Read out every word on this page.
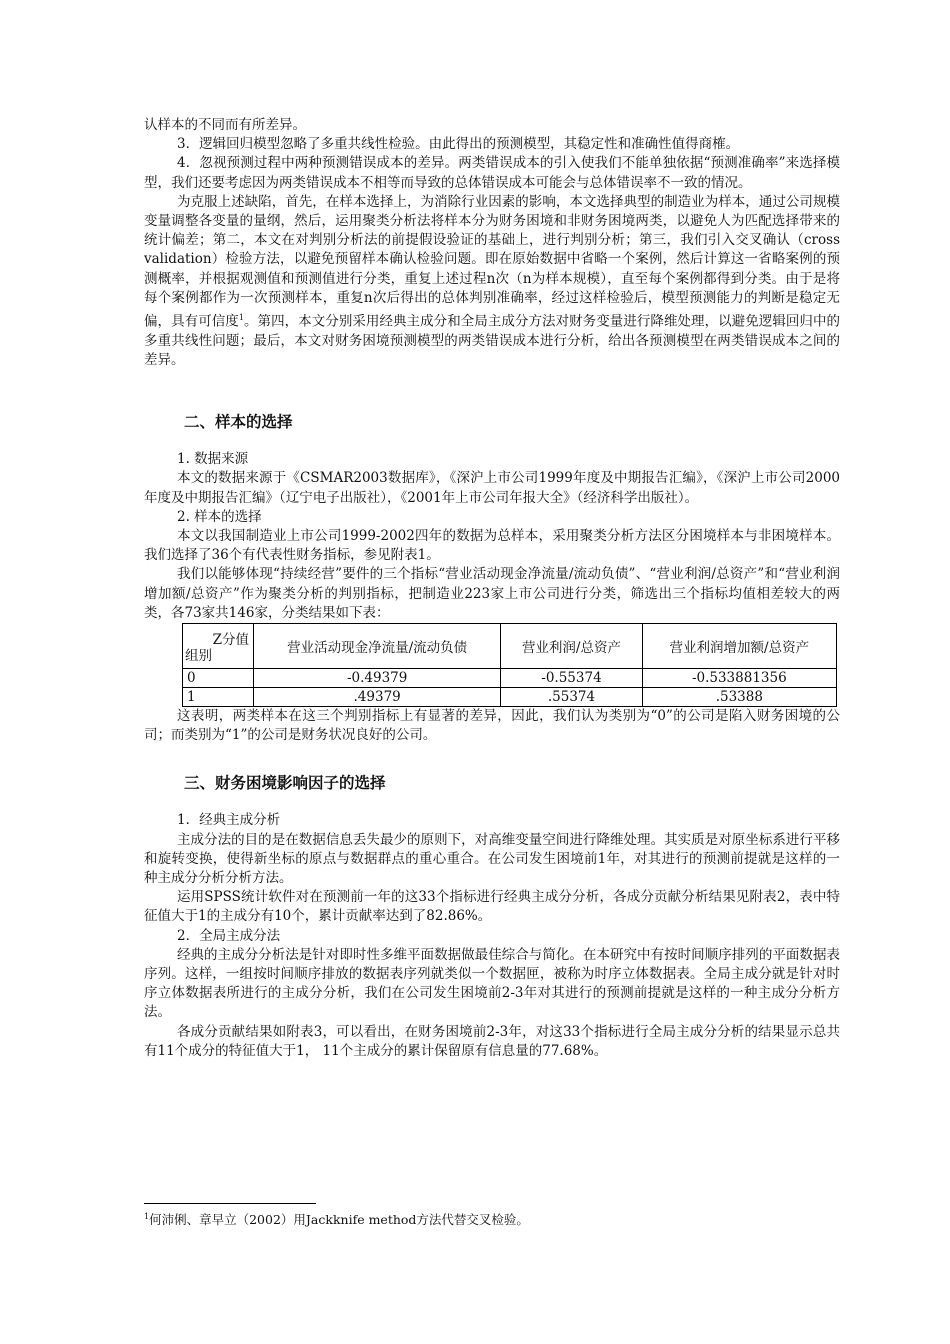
认样本的不同而有所差异。

3．逻辑回归模型忽略了多重共线性检验。由此得出的预测模型，其稳定性和准确性值得商榷。

4．忽视预测过程中两种预测错误成本的差异。两类错误成本的引入使我们不能单独依据“预测准确率”来选择模型，我们还要考虑因为两类错误成本不相等而导致的总体错误成本可能会与总体错误率不一致的情况。

为克服上述缺陷，首先，在样本选择上，为消除行业因素的影响，本文选择典型的制造业为样本，通过公司规模变量调整各变量的量纲，然后，运用聚类分析法将样本分为财务困境和非财务困境两类，以避免人为匹配选择带来的统计偏差；第二，本文在对判别分析法的前提假设验证的基础上，进行判别分析；第三，我们引入交叉确认（cross validation）检验方法，以避免预留样本确认检验问题。即在原始数据中省略一个案例，然后计算这一省略案例的预测概率，并根据观测值和预测值进行分类，重复上述过程n次（n为样本规模），直至每个案例都得到分类。由于是将每个案例都作为一次预测样本，重复n次后得出的总体判别准确率，经过这样检验后，模型预测能力的判断是稳定无偏，具有可信度$^1$。第四，本文分别采用经典主成分和全局主成分方法对财务变量进行降维处理，以避免逻辑回归中的多重共线性问题；最后，本文对财务困境预测模型的两类错误成本进行分析，给出各预测模型在两类错误成本之间的差异。

二、样本的选择

1. 数据来源

本文的数据来源于《CSMAR2003数据库》，《深沪上市公司1999年度及中期报告汇编》，《深沪上市公司2000年度及中期报告汇编》（辽宁电子出版社），《2001年上市公司年报大全》（经济科学出版社）。

2. 样本的选择

本文以我国制造业上市公司1999-2002四年的数据为总样本，采用聚类分析方法区分困境样本与非困境样本。我们选择了36个有代表性财务指标，参见附表1。

我们以能够体现“持续经营”要件的三个指标“营业活动现金净流量/流动负债”、“营业利润/总资产”和“营业利润增加额/总资产”作为聚类分析的判别指标，把制造业223家上市公司进行分类，筛选出三个指标均值相差较大的两类，各73家共146家，分类结果如下表：

Z分值
组别	营业活动现金净流量/流动负债	营业利润/总资产	营业利润增加额/总资产
0	-0.49379	-0.55374	-0.533881356
1	.49379	.55374	.53388

这表明，两类样本在这三个判别指标上有显著的差异，因此，我们认为类别为“0”的公司是陷入财务困境的公司；而类别为“1”的公司是财务状况良好的公司。

三、财务困境影响因子的选择

1．经典主成分析

主成分法的目的是在数据信息丢失最少的原则下，对高维变量空间进行降维处理。其实质是对原坐标系进行平移和旋转变换，使得新坐标的原点与数据群点的重心重合。在公司发生困境前1年，对其进行的预测前提就是这样的一种主成分分析分析方法。

运用SPSS统计软件对在预测前一年的这33个指标进行经典主成分分析，各成分贡献分析结果见附表2，表中特征值大于1的主成分有10个，累计贡献率达到了82.86%。

2．全局主成分法

经典的主成分分析法是针对即时性多维平面数据做最佳综合与简化。在本研究中有按时间顺序排列的平面数据表序列。这样，一组按时间顺序排放的数据表序列就类似一个数据匣，被称为时序立体数据表。全局主成分就是针对时序立体数据表所进行的主成分分析，我们在公司发生困境前2-3年对其进行的预测前提就是这样的一种主成分分析方法。

各成分贡献结果如附表3，可以看出，在财务困境前2-3年，对这33个指标进行全局主成分分析的结果显示总共有11个成分的特征值大于1， 11个主成分的累计保留原有信息量的77.68%。

$^1$何沛俐、章早立（2002）用Jackknife method方法代替交叉检验。
